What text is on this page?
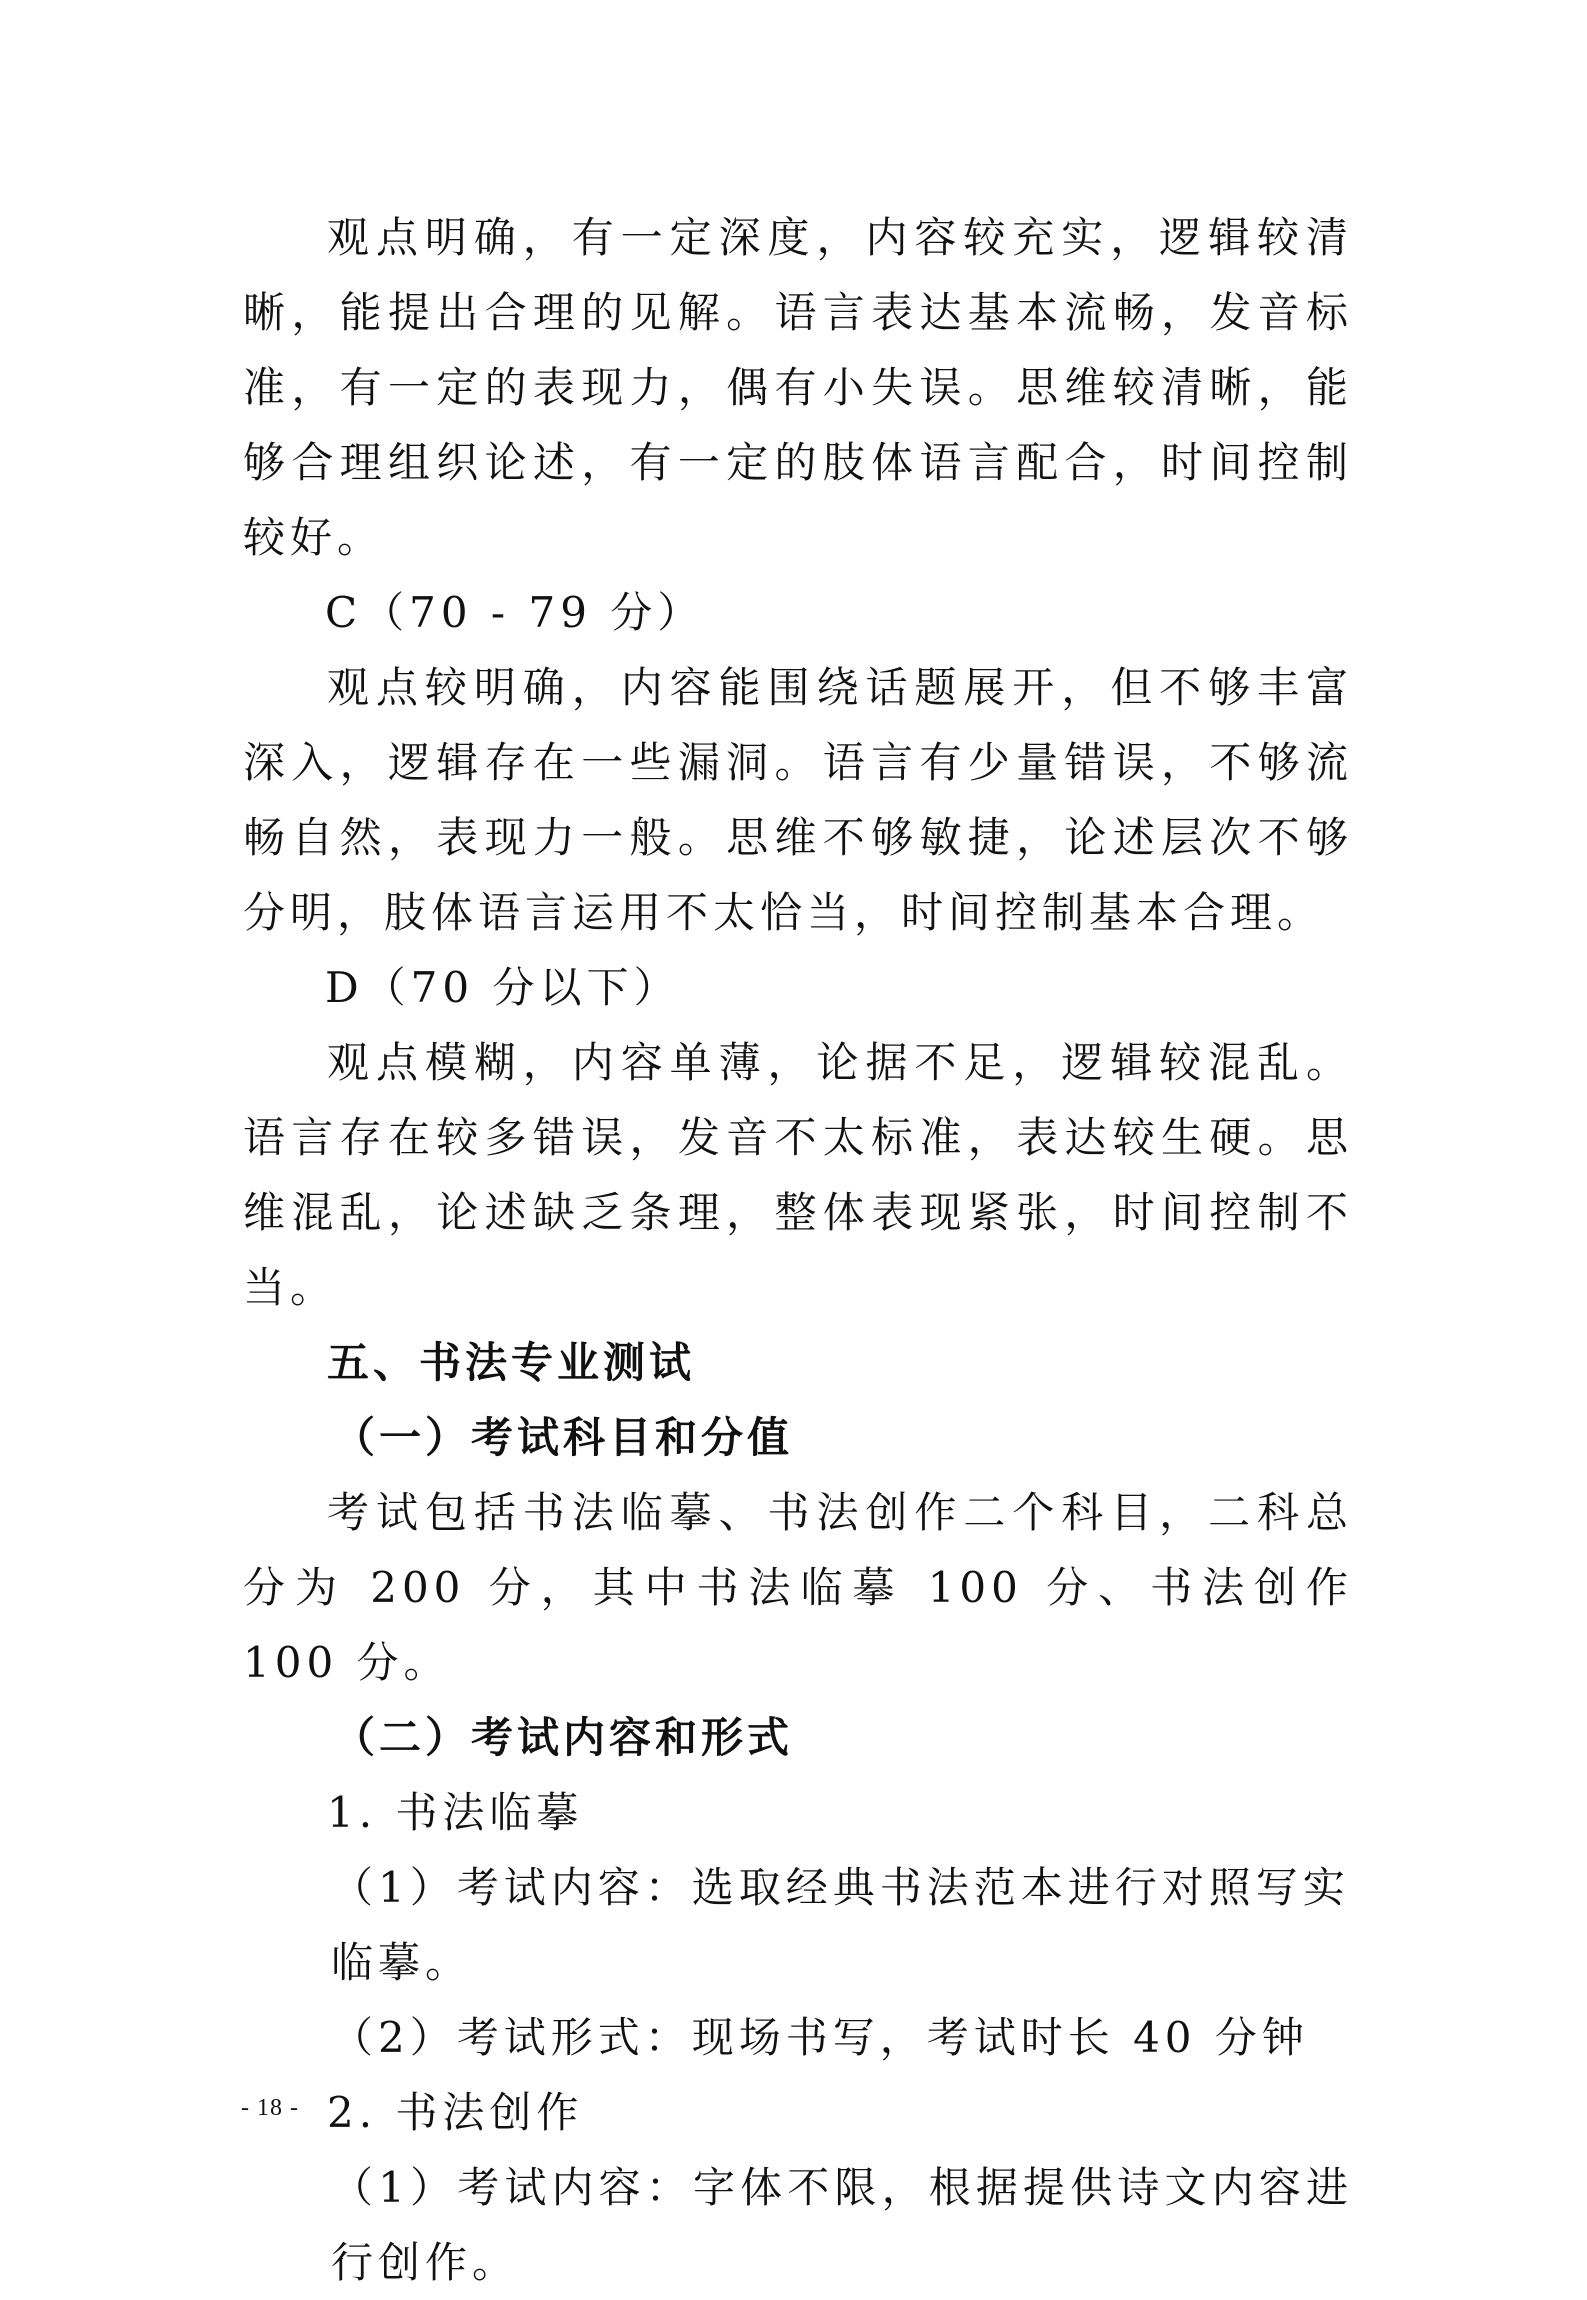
观点明确，有一定深度，内容较充实，逻辑较清晰，能提出合理的见解。语言表达基本流畅，发音标准，有一定的表现力，偶有小失误。思维较清晰，能够合理组织论述，有一定的肢体语言配合，时间控制较好。

C（70 - 79 分）

观点较明确，内容能围绕话题展开，但不够丰富深入，逻辑存在一些漏洞。语言有少量错误，不够流畅自然，表现力一般。思维不够敏捷，论述层次不够分明，肢体语言运用不太恰当，时间控制基本合理。

D（70 分以下）

观点模糊，内容单薄，论据不足，逻辑较混乱。语言存在较多错误，发音不太标准，表达较生硬。思维混乱，论述缺乏条理，整体表现紧张，时间控制不当。

五、书法专业测试

（一）考试科目和分值

考试包括书法临摹、书法创作二个科目，二科总分为 200 分，其中书法临摹 100 分、书法创作 100 分。

（二）考试内容和形式

1. 书法临摹

（1）考试内容：选取经典书法范本进行对照写实临摹。

（2）考试形式：现场书写，考试时长 40 分钟

2. 书法创作

（1）考试内容：字体不限，根据提供诗文内容进行创作。

- 18 -
